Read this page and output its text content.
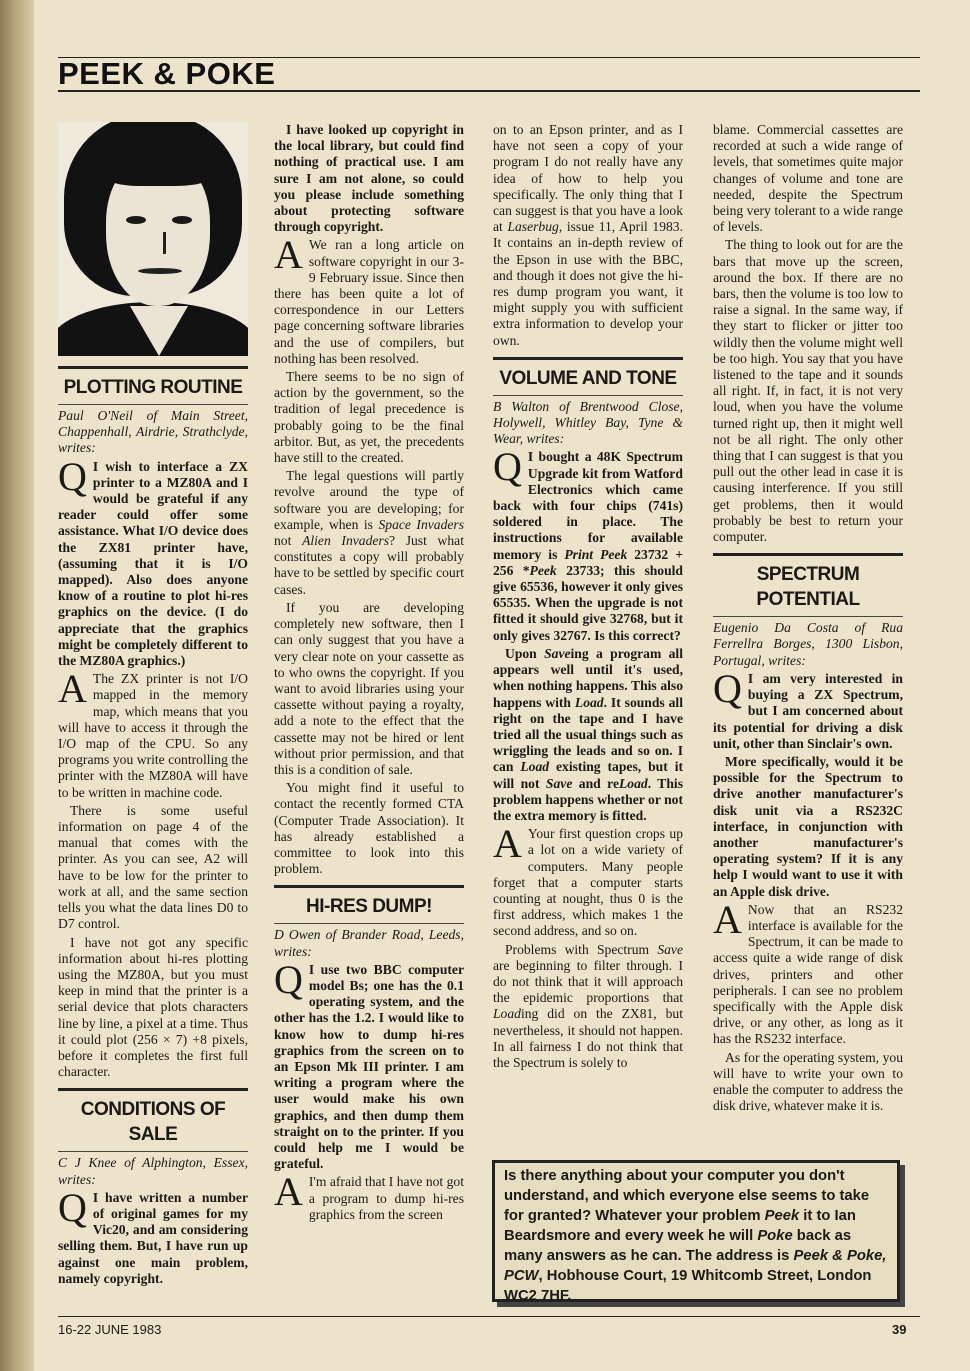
PEEK & POKE
PLOTTING ROUTINE

Paul O'Neil of Main Street, Chappenhall, Airdrie, Strathclyde, writes:

Q I wish to interface a ZX printer to a MZ80A and I would be grateful if any reader could offer some assistance. What I/O device does the ZX81 printer have, (assuming that it is I/O mapped). Also does anyone know of a routine to plot hi-res graphics on the device. (I do appreciate that the graphics might be completely different to the MZ80A graphics.)

A The ZX printer is not I/O mapped in the memory map, which means that you will have to access it through the I/O map of the CPU. So any programs you write controlling the printer with the MZ80A will have to be written in machine code.

There is some useful information on page 4 of the manual that comes with the printer. As you can see, A2 will have to be low for the printer to work at all, and the same section tells you what the data lines D0 to D7 control.

I have not got any specific information about hi-res plotting using the MZ80A, but you must keep in mind that the printer is a serial device that plots characters line by line, a pixel at a time. Thus it could plot (256 × 7) +8 pixels, before it completes the first full character.

CONDITIONS OF SALE

C J Knee of Alphington, Essex, writes:

Q I have written a number of original games for my Vic20, and am considering selling them. But, I have run up against one main problem, namely copyright.

I have looked up copyright in the local library, but could find nothing of practical use. I am sure I am not alone, so could you please include something about protecting software through copyright.

A We ran a long article on software copyright in our 3-9 February issue. Since then there has been quite a lot of correspondence in our Letters page concerning software libraries and the use of compilers, but nothing has been resolved.

There seems to be no sign of action by the government, so the tradition of legal precedence is probably going to be the final arbitor. But, as yet, the precedents have still to the created.

The legal questions will partly revolve around the type of software you are developing; for example, when is Space Invaders not Alien Invaders? Just what constitutes a copy will probably have to be settled by specific court cases.

If you are developing completely new software, then I can only suggest that you have a very clear note on your cassette as to who owns the copyright. If you want to avoid libraries using your cassette without paying a royalty, add a note to the effect that the cassette may not be hired or lent without prior permission, and that this is a condition of sale.

You might find it useful to contact the recently formed CTA (Computer Trade Association). It has already established a committee to look into this problem.

HI-RES DUMP!

D Owen of Brander Road, Leeds, writes:

Q I use two BBC computer model Bs; one has the 0.1 operating system, and the other has the 1.2. I would like to know how to dump hi-res graphics from the screen on to an Epson Mk III printer. I am writing a program where the user would make his own graphics, and then dump them straight on to the printer. If you could help me I would be grateful.

A I'm afraid that I have not got a program to dump hi-res graphics from the screen

on to an Epson printer, and as I have not seen a copy of your program I do not really have any idea of how to help you specifically. The only thing that I can suggest is that you have a look at Laserbug, issue 11, April 1983. It contains an in-depth review of the Epson in use with the BBC, and though it does not give the hi-res dump program you want, it might supply you with sufficient extra information to develop your own.

VOLUME AND TONE

B Walton of Brentwood Close, Holywell, Whitley Bay, Tyne & Wear, writes:

Q I bought a 48K Spectrum Upgrade kit from Watford Electronics which came back with four chips (741s) soldered in place. The instructions for available memory is Print Peek 23732 + 256 *Peek 23733; this should give 65536, however it only gives 65535. When the upgrade is not fitted it should give 32768, but it only gives 32767. Is this correct?

Upon Saveing a program all appears well until it's used, when nothing happens. This also happens with Load. It sounds all right on the tape and I have tried all the usual things such as wriggling the leads and so on. I can Load existing tapes, but it will not Save and reLoad. This problem happens whether or not the extra memory is fitted.

A Your first question crops up a lot on a wide variety of computers. Many people forget that a computer starts counting at nought, thus 0 is the first address, which makes 1 the second address, and so on.

Problems with Spectrum Save are beginning to filter through. I do not think that it will approach the epidemic proportions that Loading did on the ZX81, but nevertheless, it should not happen. In all fairness I do not think that the Spectrum is solely to

blame. Commercial cassettes are recorded at such a wide range of levels, that sometimes quite major changes of volume and tone are needed, despite the Spectrum being very tolerant to a wide range of levels.

The thing to look out for are the bars that move up the screen, around the box. If there are no bars, then the volume is too low to raise a signal. In the same way, if they start to flicker or jitter too wildly then the volume might well be too high. You say that you have listened to the tape and it sounds all right. If, in fact, it is not very loud, when you have the volume turned right up, then it might well not be all right. The only other thing that I can suggest is that you pull out the other lead in case it is causing interference. If you still get problems, then it would probably be best to return your computer.

SPECTRUM POTENTIAL

Eugenio Da Costa of Rua Ferrellra Borges, 1300 Lisbon, Portugal, writes:

Q I am very interested in buying a ZX Spectrum, but I am concerned about its potential for driving a disk unit, other than Sinclair's own.

More specifically, would it be possible for the Spectrum to drive another manufacturer's disk unit via a RS232C interface, in conjunction with another manufacturer's operating system? If it is any help I would want to use it with an Apple disk drive.

A Now that an RS232 interface is available for the Spectrum, it can be made to access quite a wide range of disk drives, printers and other peripherals. I can see no problem specifically with the Apple disk drive, or any other, as long as it has the RS232 interface.

As for the operating system, you will have to write your own to enable the computer to address the disk drive, whatever make it is.

Is there anything about your computer you don't understand, and which everyone else seems to take for granted? Whatever your problem Peek it to Ian Beardsmore and every week he will Poke back as many answers as he can. The address is Peek & Poke, PCW, Hobhouse Court, 19 Whitcomb Street, London WC2 7HF.

16-22 JUNE 1983	39
